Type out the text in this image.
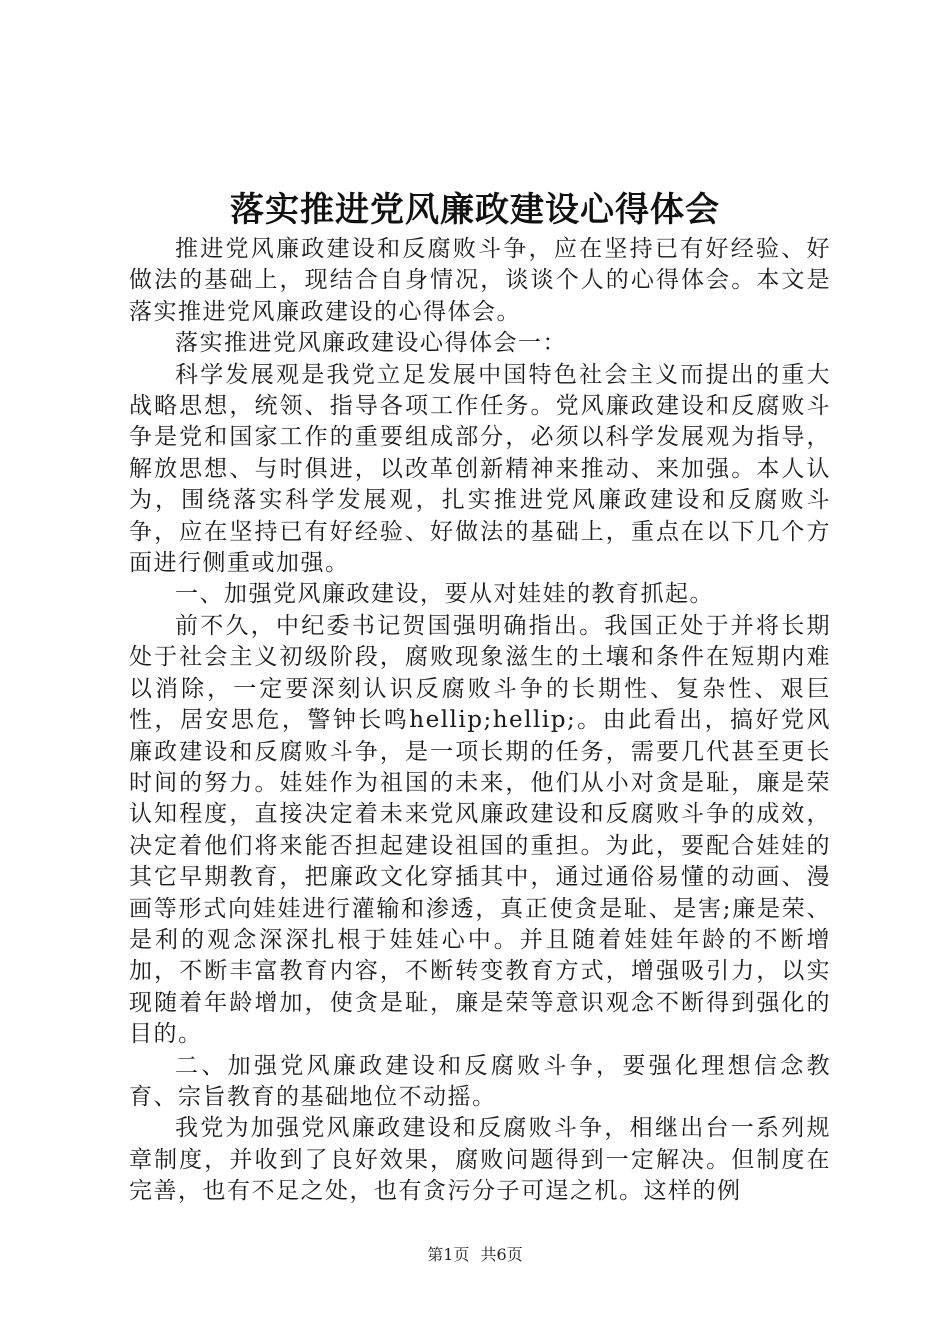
落实推进党风廉政建设心得体会

推进党风廉政建设和反腐败斗争，应在坚持已有好经验、好做法的基础上，现结合自身情况，谈谈个人的心得体会。本文是落实推进党风廉政建设的心得体会。

落实推进党风廉政建设心得体会一：

科学发展观是我党立足发展中国特色社会主义而提出的重大战略思想，统领、指导各项工作任务。党风廉政建设和反腐败斗争是党和国家工作的重要组成部分，必须以科学发展观为指导，解放思想、与时俱进，以改革创新精神来推动、来加强。本人认为，围绕落实科学发展观，扎实推进党风廉政建设和反腐败斗争，应在坚持已有好经验、好做法的基础上，重点在以下几个方面进行侧重或加强。

一、加强党风廉政建设，要从对娃娃的教育抓起。

前不久，中纪委书记贺国强明确指出。我国正处于并将长期处于社会主义初级阶段，腐败现象滋生的土壤和条件在短期内难以消除，一定要深刻认识反腐败斗争的长期性、复杂性、艰巨性，居安思危，警钟长鸣hellip;hellip;。由此看出，搞好党风廉政建设和反腐败斗争，是一项长期的任务，需要几代甚至更长时间的努力。娃娃作为祖国的未来，他们从小对贪是耻，廉是荣认知程度，直接决定着未来党风廉政建设和反腐败斗争的成效，决定着他们将来能否担起建设祖国的重担。为此，要配合娃娃的其它早期教育，把廉政文化穿插其中，通过通俗易懂的动画、漫画等形式向娃娃进行灌输和渗透，真正使贪是耻、是害;廉是荣、是利的观念深深扎根于娃娃心中。并且随着娃娃年龄的不断增加，不断丰富教育内容，不断转变教育方式，增强吸引力，以实现随着年龄增加，使贪是耻，廉是荣等意识观念不断得到强化的目的。

二、加强党风廉政建设和反腐败斗争，要强化理想信念教育、宗旨教育的基础地位不动摇。

我党为加强党风廉政建设和反腐败斗争，相继出台一系列规章制度，并收到了良好效果，腐败问题得到一定解决。但制度在完善，也有不足之处，也有贪污分子可逞之机。这样的例

第1页 共6页
